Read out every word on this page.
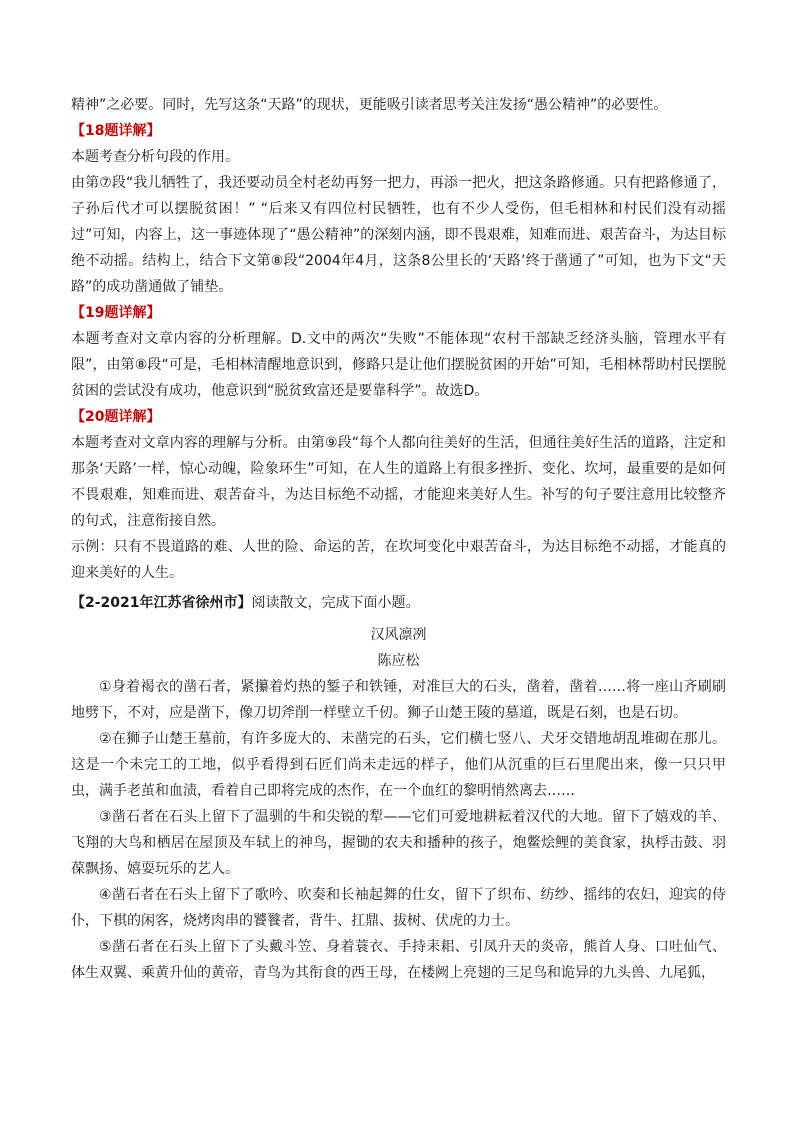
精神”之必要。同时，先写这条“天路”的现状，更能吸引读者思考关注发扬“愚公精神”的必要性。

【18题详解】

本题考查分析句段的作用。

由第⑦段“我儿牺牲了，我还要动员全村老幼再努一把力，再添一把火，把这条路修通。只有把路修通了，子孙后代才可以摆脱贫困！” “后来又有四位村民牺牲，也有不少人受伤，但毛相林和村民们没有动摇过”可知，内容上，这一事迹体现了“愚公精神”的深刻内涵，即不畏艰难，知难而进、艰苦奋斗，为达目标绝不动摇。结构上，结合下文第⑧段“2004年4月，这条8公里长的‘天路’终于凿通了”可知，也为下文“天路”的成功凿通做了铺垫。

【19题详解】

本题考查对文章内容的分析理解。D.文中的两次“失败”不能体现“农村干部缺乏经济头脑，管理水平有限”，由第⑧段“可是，毛相林清醒地意识到，修路只是让他们摆脱贫困的开始”可知，毛相林帮助村民摆脱贫困的尝试没有成功，他意识到“脱贫致富还是要靠科学”。故选D。

【20题详解】

本题考查对文章内容的理解与分析。由第⑨段“每个人都向往美好的生活，但通往美好生活的道路，注定和那条‘天路’一样，惊心动魄，险象环生”可知，在人生的道路上有很多挫折、变化、坎坷，最重要的是如何不畏艰难，知难而进、艰苦奋斗，为达目标绝不动摇，才能迎来美好人生。补写的句子要注意用比较整齐的句式，注意衔接自然。

示例：只有不畏道路的难、人世的险、命运的苦，在坎坷变化中艰苦奋斗，为达目标绝不动摇，才能真的迎来美好的人生。

【2-2021年江苏省徐州市】阅读散文，完成下面小题。

汉风凛冽

陈应松

①身着褐衣的凿石者，紧攥着灼热的錾子和铁锤，对准巨大的石头，凿着，凿着……将一座山齐刷刷地劈下，不对，应是凿下，像刀切斧削一样壁立千仞。狮子山楚王陵的墓道，既是石刻，也是石切。

②在狮子山楚王墓前，有许多庞大的、未凿完的石头，它们横七竖八、犬牙交错地胡乱堆砌在那儿。这是一个未完工的工地，似乎看得到石匠们尚未走远的样子，他们从沉重的巨石里爬出来，像一只只甲虫，满手老茧和血渍，看着自己即将完成的杰作，在一个血红的黎明悄然离去……

③凿石者在石头上留下了温驯的牛和尖锐的犁——它们可爱地耕耘着汉代的大地。留下了嬉戏的羊、飞翔的大鸟和栖居在屋顶及车轼上的神鸟，握锄的农夫和播种的孩子，炮鳖烩鲤的美食家，执桴击鼓、羽葆飘扬、嬉耍玩乐的艺人。

④凿石者在石头上留下了歌吟、吹奏和长袖起舞的仕女，留下了织布、纺纱、摇纬的农妇，迎宾的侍仆，下棋的闲客，烧烤肉串的饕餮者，背牛、扛鼎、拔树、伏虎的力士。

⑤凿石者在石头上留下了头戴斗笠、身着蓑衣、手持耒耜、引凤升天的炎帝，熊首人身、口吐仙气、体生双翼、乘黄升仙的黄帝，青鸟为其衔食的西王母，在楼阙上亮翅的三足鸟和诡异的九头兽、九尾狐，
